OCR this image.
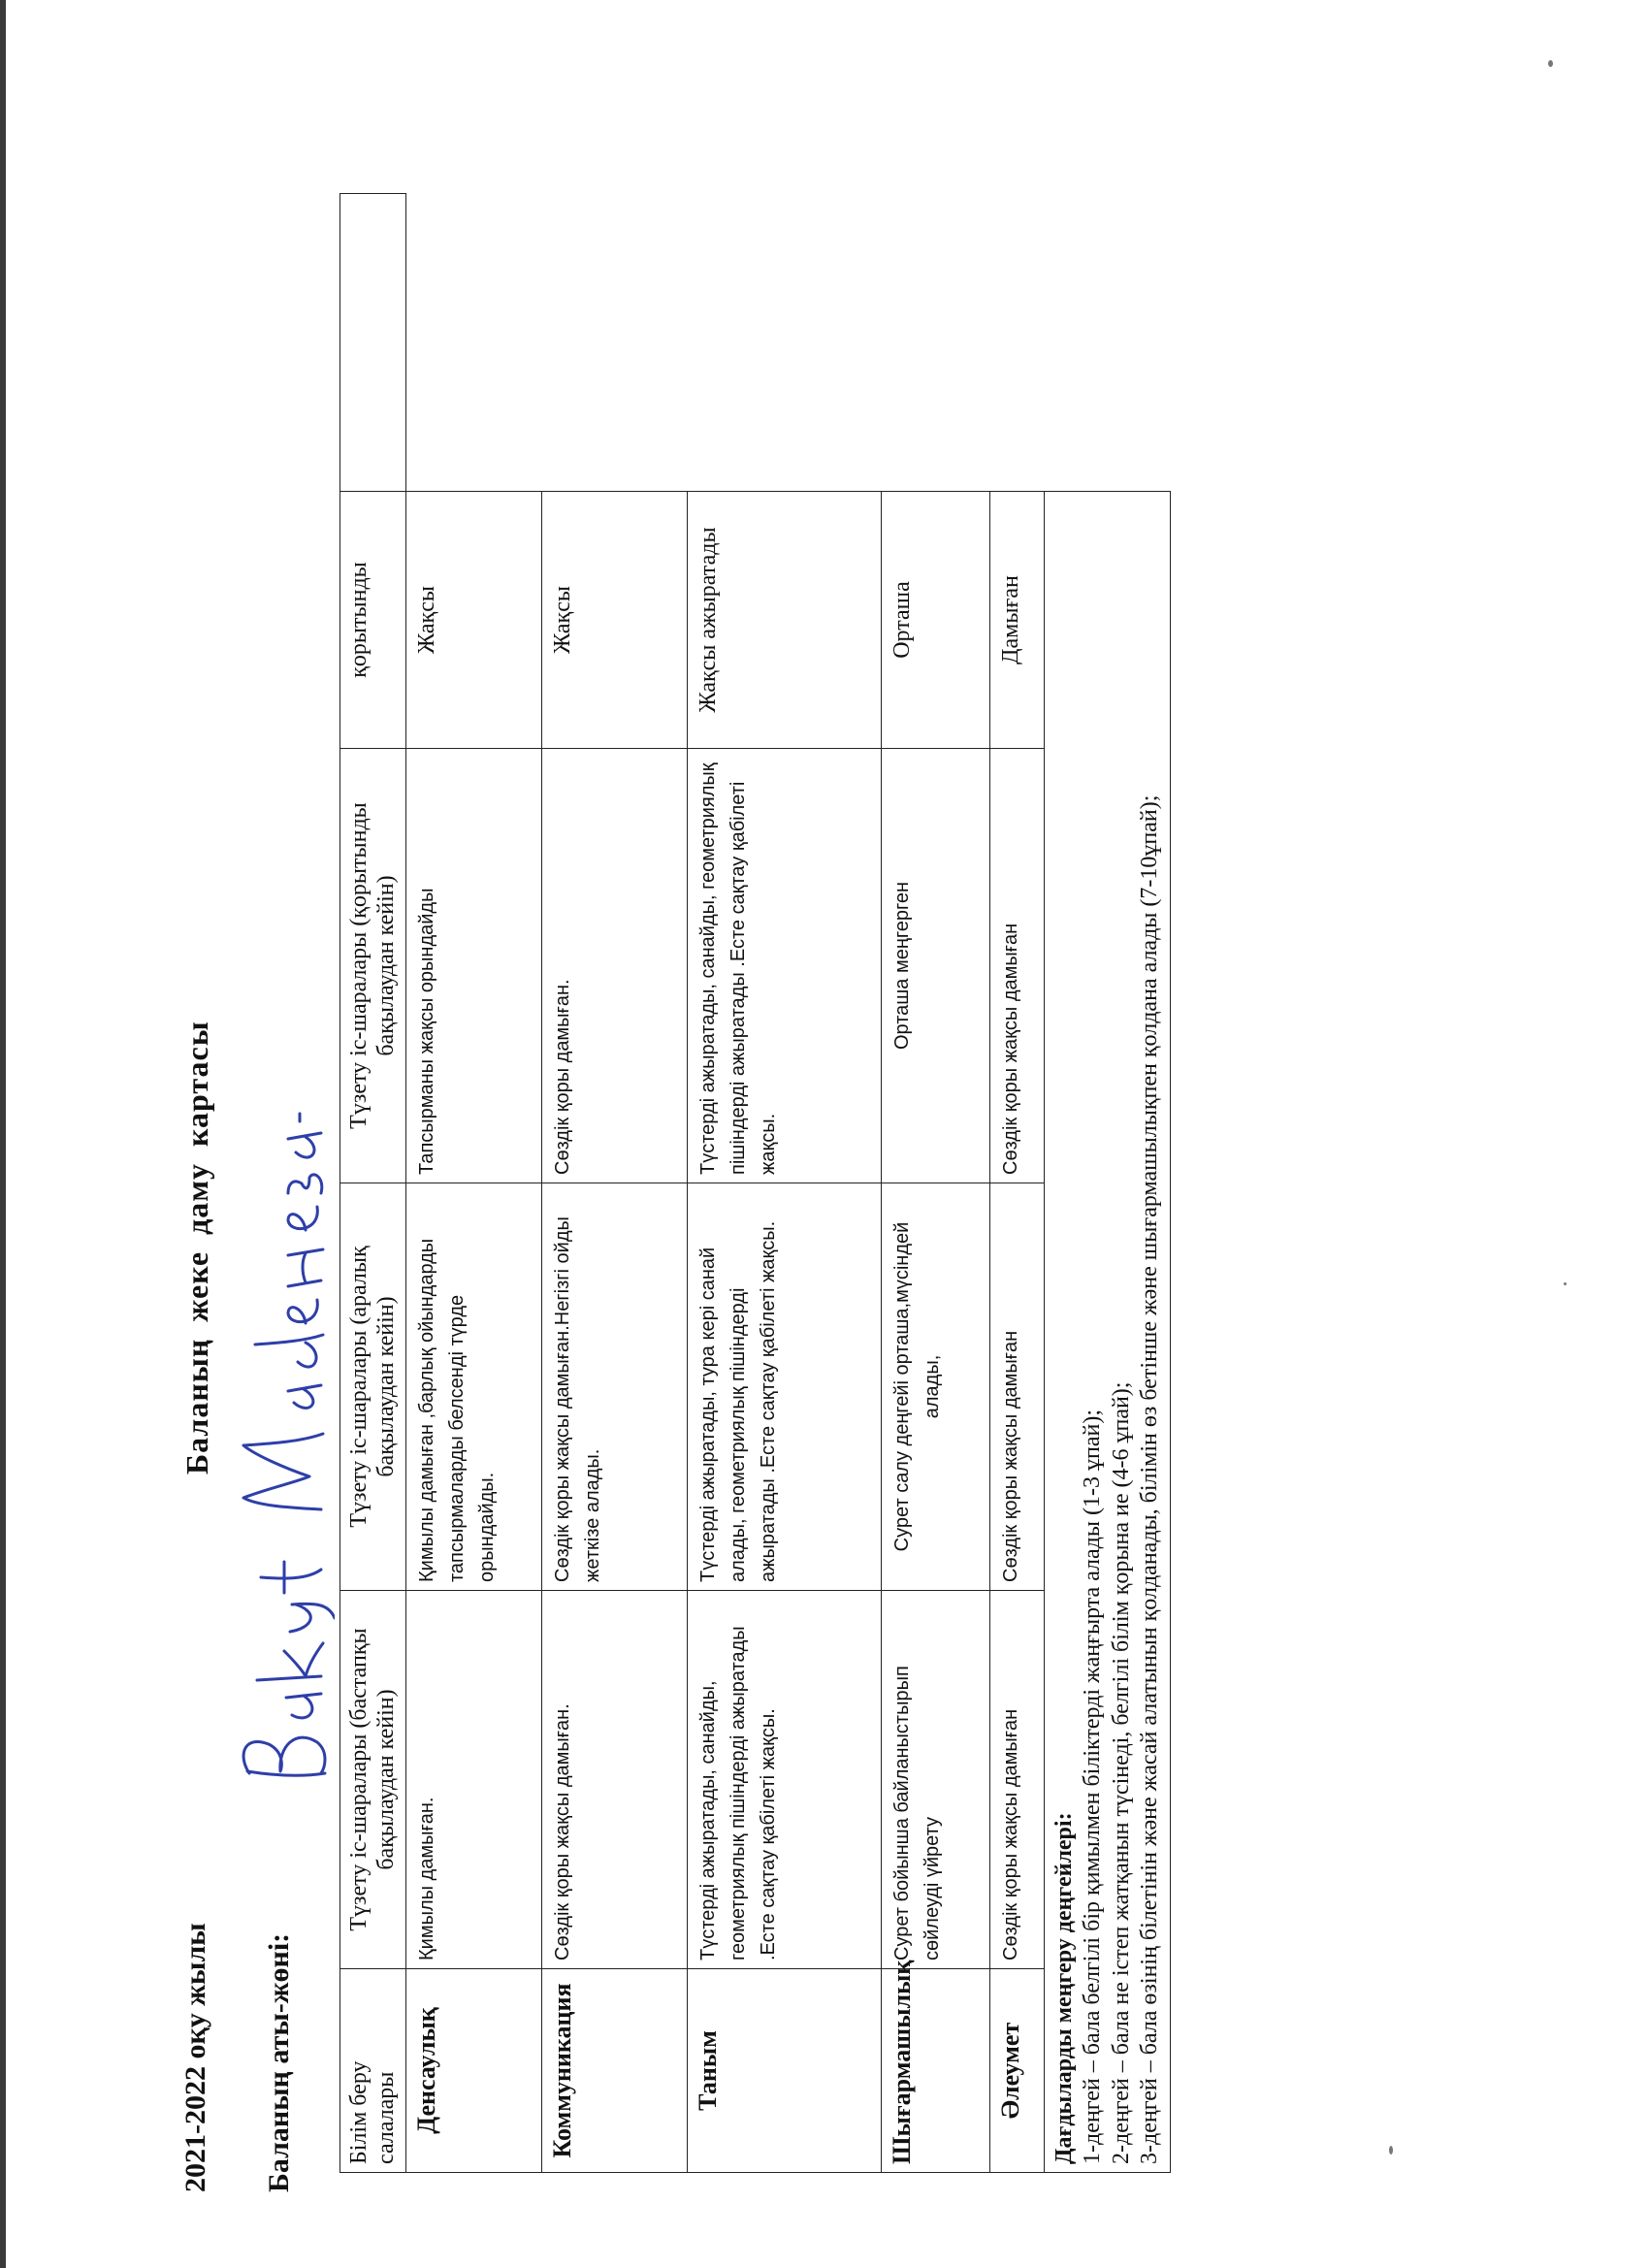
2021-2022 оқу жылы
Баланың жеке даму картасы
Баланың аты-жөні: Білім беру салалары	Түзету іс-шаралары (бастапқы бақылаудан кейін)	Түзету іс-шаралары (аралық бақылаудан кейін)	Түзету іс-шаралары (қорытынды бақылаудан кейін)	қорытынды	
Денсаулық	Қимылы дамыған.	Қимылы дамыған ,барлық ойындарды тапсырмаларды белсенді түрде орындайды.	Тапсырманы жақсы орындайды	Жақсы	
Коммуникация	Сөздік қоры жақсы дамыған.	Сөздік қоры жақсы дамыған.Негізгі ойды жеткізе алады.	Сөздік қоры дамыған.	Жақсы	
Таным	Түстерді ажыратады, санайды, геометриялық пішіндерді ажыратады .Есте сақтау қабілеті жақсы.	Түстерді ажыратады, тура кері санай алады, геометриялық пішіндерді ажыратады .Есте сақтау қабілеті жақсы.	Түстерді ажыратады, санайды, геометриялық пішіндерді ажыратады .Есте сақтау қабілеті жақсы.	Жақсы ажыратады	
Шығармашылық	Сурет бойынша байланыстырып сөйлеуді үйрету	Сурет салу деңгейі орташа,мүсіндей алады,	Орташа меңгерген	Орташа	
Әлеумет	Сөздік қоры жақсы дамыған	Сөздік қоры жақсы дамыған	Сөздік қоры жақсы дамыған	Дамыған	

Дағдыларды меңгеру деңгейлері: 1-деңгей – бала белгілі бір қимылмен біліктерді жаңғырта алады (1-3 ұпай); 2-деңгей – бала не істеп жатқанын түсінеді, белгілі білім қорына ие (4-6 ұпай); 3-деңгей – бала өзінің білетінін және жасай алатынын қолданады, білімін өз бетінше және шығармашылықпен қолдана алады (7-10ұпай);					
